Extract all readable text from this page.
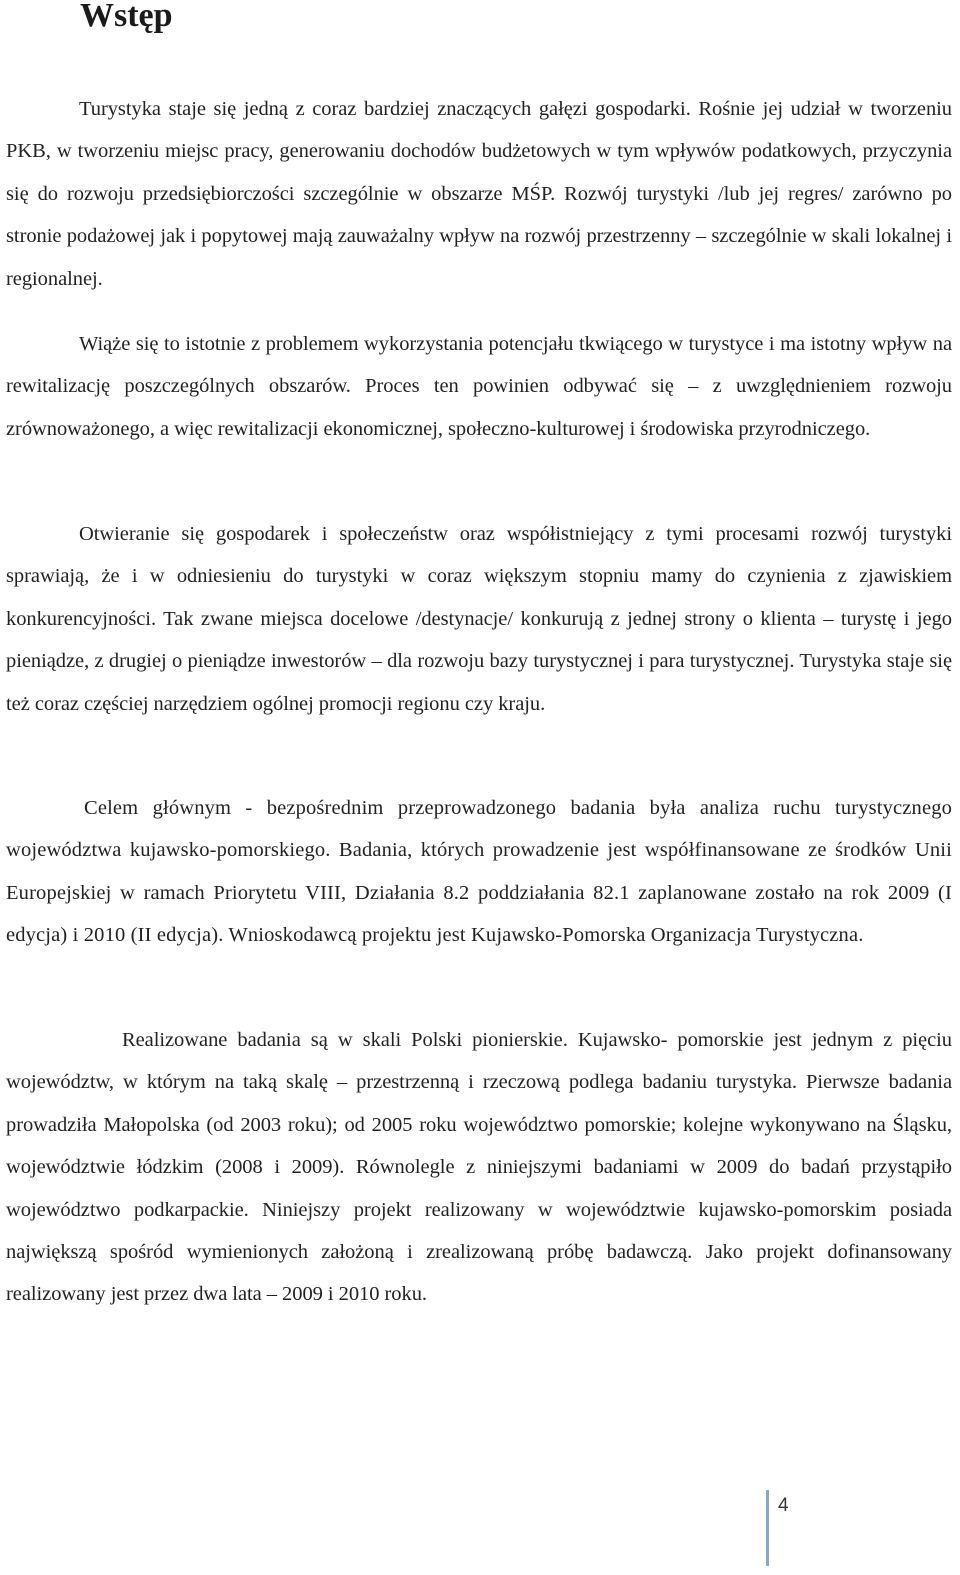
Wstęp

Turystyka staje się jedną z coraz bardziej znaczących gałęzi gospodarki. Rośnie jej udział w tworzeniu PKB, w tworzeniu miejsc pracy, generowaniu dochodów budżetowych w tym wpływów podatkowych, przyczynia się do rozwoju przedsiębiorczości szczególnie w obszarze MŚP. Rozwój turystyki /lub jej regres/ zarówno po stronie podażowej jak i popytowej mają zauważalny wpływ na rozwój przestrzenny – szczególnie w skali lokalnej i regionalnej.

Wiąże się to istotnie z problemem wykorzystania potencjału tkwiącego w turystyce i ma istotny wpływ na rewitalizację poszczególnych obszarów. Proces ten powinien odbywać się – z uwzględnieniem rozwoju zrównoważonego, a więc rewitalizacji ekonomicznej, społeczno-kulturowej i środowiska przyrodniczego.

Otwieranie się gospodarek i społeczeństw oraz współistniejący z tymi procesami rozwój turystyki sprawiają, że i w odniesieniu do turystyki w coraz większym stopniu mamy do czynienia z zjawiskiem konkurencyjności. Tak zwane miejsca docelowe /destynacje/ konkurują z jednej strony o klienta – turystę i jego pieniądze, z drugiej o pieniądze inwestorów – dla rozwoju bazy turystycznej i para turystycznej. Turystyka staje się też coraz częściej narzędziem ogólnej promocji regionu czy kraju.

Celem głównym - bezpośrednim przeprowadzonego badania była analiza ruchu turystycznego województwa kujawsko-pomorskiego. Badania, których prowadzenie jest współfinansowane ze środków Unii Europejskiej w ramach Priorytetu VIII, Działania 8.2 poddziałania 82.1 zaplanowane zostało na rok 2009 (I edycja) i 2010 (II edycja). Wnioskodawcą projektu jest Kujawsko-Pomorska Organizacja Turystyczna.

Realizowane badania są w skali Polski pionierskie. Kujawsko- pomorskie jest jednym z pięciu województw, w którym na taką skalę – przestrzenną i rzeczową podlega badaniu turystyka. Pierwsze badania prowadziła Małopolska (od 2003 roku); od 2005 roku województwo pomorskie; kolejne wykonywano na Śląsku, województwie łódzkim (2008 i 2009). Równolegle z niniejszymi badaniami w 2009 do badań przystąpiło województwo podkarpackie. Niniejszy projekt realizowany w województwie kujawsko-pomorskim posiada największą spośród wymienionych założoną i zrealizowaną próbę badawczą. Jako projekt dofinansowany realizowany jest przez dwa lata – 2009 i 2010 roku.

4
